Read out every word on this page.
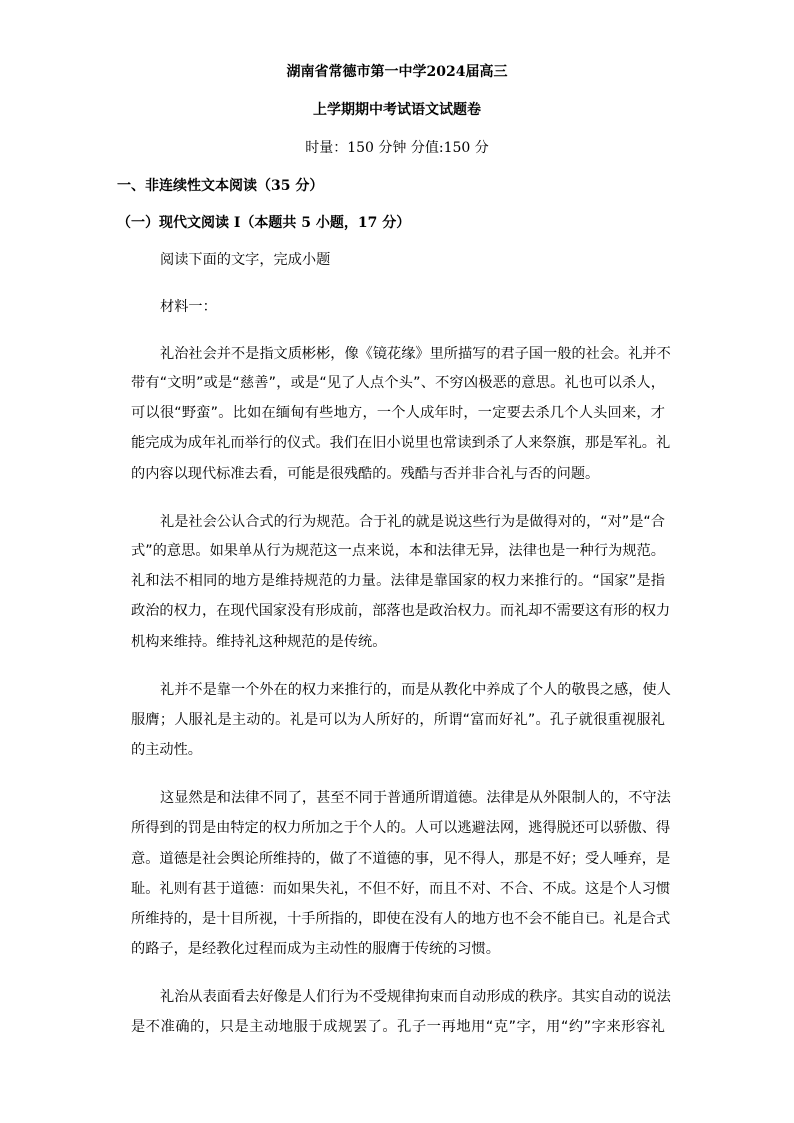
湖南省常德市第一中学2024届高三
上学期期中考试语文试题卷
时量：150 分钟 分值:150 分
一、非连续性文本阅读（35 分）
（一）现代文阅读 I（本题共 5 小题，17 分）
阅读下面的文字，完成小题
材料一：
礼治社会并不是指文质彬彬，像《镜花缘》里所描写的君子国一般的社会。礼并不
带有“文明”或是“慈善”，或是“见了人点个头”、不穷凶极恶的意思。礼也可以杀人，
可以很“野蛮”。比如在缅甸有些地方，一个人成年时，一定要去杀几个人头回来，才
能完成为成年礼而举行的仪式。我们在旧小说里也常读到杀了人来祭旗，那是军礼。礼
的内容以现代标准去看，可能是很残酷的。残酷与否并非合礼与否的问题。
礼是社会公认合式的行为规范。合于礼的就是说这些行为是做得对的，“对”是“合
式”的意思。如果单从行为规范这一点来说，本和法律无异，法律也是一种行为规范。
礼和法不相同的地方是维持规范的力量。法律是靠国家的权力来推行的。“国家”是指
政治的权力，在现代国家没有形成前，部落也是政治权力。而礼却不需要这有形的权力
机构来维持。维持礼这种规范的是传统。
礼并不是靠一个外在的权力来推行的，而是从教化中养成了个人的敬畏之感，使人
服膺；人服礼是主动的。礼是可以为人所好的，所谓“富而好礼”。孔子就很重视服礼
的主动性。
这显然是和法律不同了，甚至不同于普通所谓道德。法律是从外限制人的，不守法
所得到的罚是由特定的权力所加之于个人的。人可以逃避法网，逃得脱还可以骄傲、得
意。道德是社会舆论所维持的，做了不道德的事，见不得人，那是不好；受人唾弃，是
耻。礼则有甚于道德：而如果失礼，不但不好，而且不对、不合、不成。这是个人习惯
所维持的，是十目所视，十手所指的，即使在没有人的地方也不会不能自已。礼是合式
的路子，是经教化过程而成为主动性的服膺于传统的习惯。
礼治从表面看去好像是人们行为不受规律拘束而自动形成的秩序。其实自动的说法
是不准确的，只是主动地服于成规罢了。孔子一再地用“克”字，用“约”字来形容礼
